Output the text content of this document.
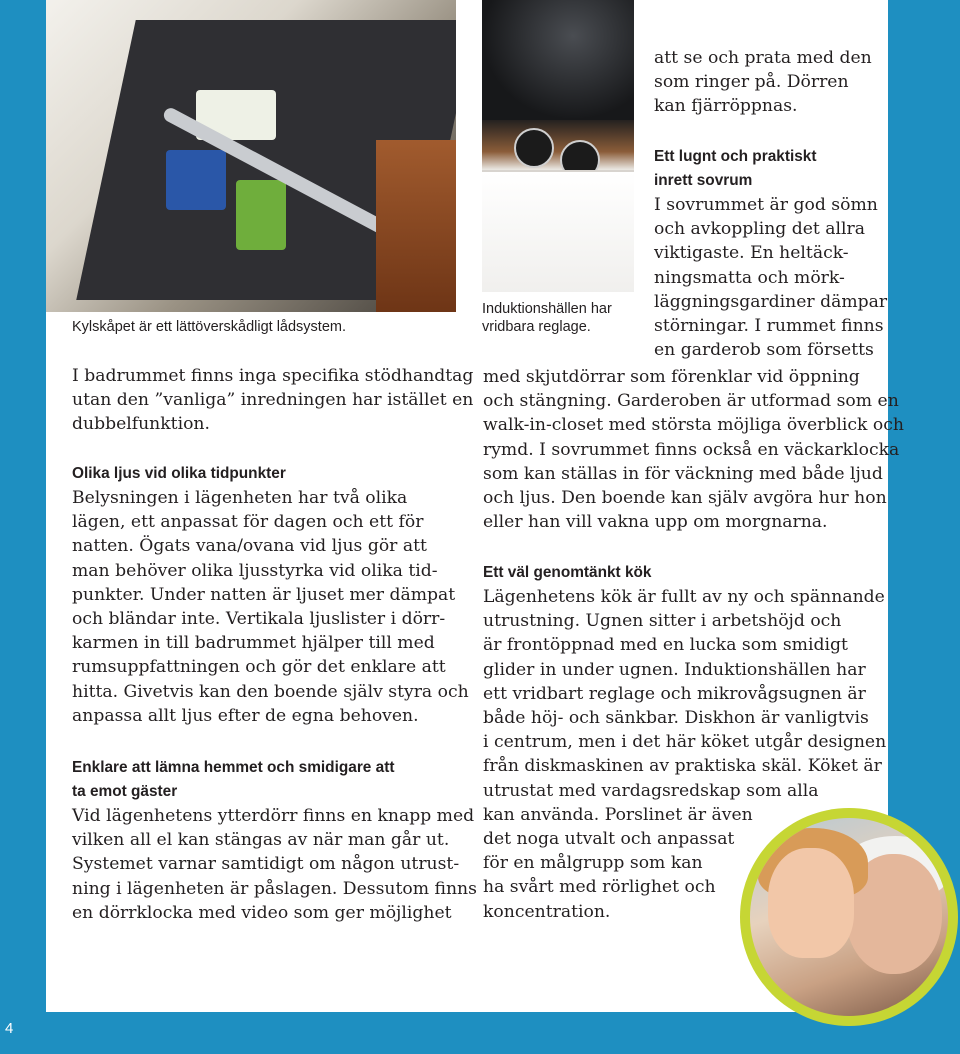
Kylskåpet är ett lättöverskådligt lådsystem.

Induktionshällen har
vridbara reglage.

I badrummet finns inga specifika stödhandtag
utan den ”vanliga” inredningen har istället en
dubbelfunktion.
Olika ljus vid olika tidpunkter
Belysningen i lägenheten har två olika
lägen, ett anpassat för dagen och ett för
natten. Ögats vana/ovana vid ljus gör att
man behöver olika ljusstyrka vid olika tid-
punkter. Under natten är ljuset mer dämpat
och bländar inte. Vertikala ljuslister i dörr-
karmen in till badrummet hjälper till med
rumsuppfattningen och gör det enklare att
hitta. Givetvis kan den boende själv styra och
anpassa allt ljus efter de egna behoven.
Enklare att lämna hemmet och smidigare att
ta emot gäster
Vid lägenhetens ytterdörr finns en knapp med
vilken all el kan stängas av när man går ut.
Systemet varnar samtidigt om någon utrust-
ning i lägenheten är påslagen. Dessutom finns
en dörrklocka med video som ger möjlighet
att se och prata med den
som ringer på. Dörren
kan fjärröppnas.
Ett lugnt och praktiskt
inrett sovrum
I sovrummet är god sömn
och avkoppling det allra
viktigaste. En heltäck-
ningsmatta och mörk-
läggningsgardiner dämpar
störningar. I rummet finns
en garderob som försetts
med skjutdörrar som förenklar vid öppning
och stängning. Garderoben är utformad som en
walk-in-closet med största möjliga överblick och
rymd. I sovrummet finns också en väckarklocka
som kan ställas in för väckning med både ljud
och ljus. Den boende kan själv avgöra hur hon
eller han vill vakna upp om morgnarna.
Ett väl genomtänkt kök
Lägenhetens kök är fullt av ny och spännande
utrustning. Ugnen sitter i arbetshöjd och
är frontöppnad med en lucka som smidigt
glider in under ugnen. Induktionshällen har
ett vridbart reglage och mikrovågsugnen är
både höj- och sänkbar. Diskhon är vanligtvis
i centrum, men i det här köket utgår designen
från diskmaskinen av praktiska skäl. Köket är
utrustat med vardagsredskap som alla
kan använda. Porslinet är även
det noga utvalt och anpassat
för en målgrupp som kan
ha svårt med rörlighet och
koncentration.
4
